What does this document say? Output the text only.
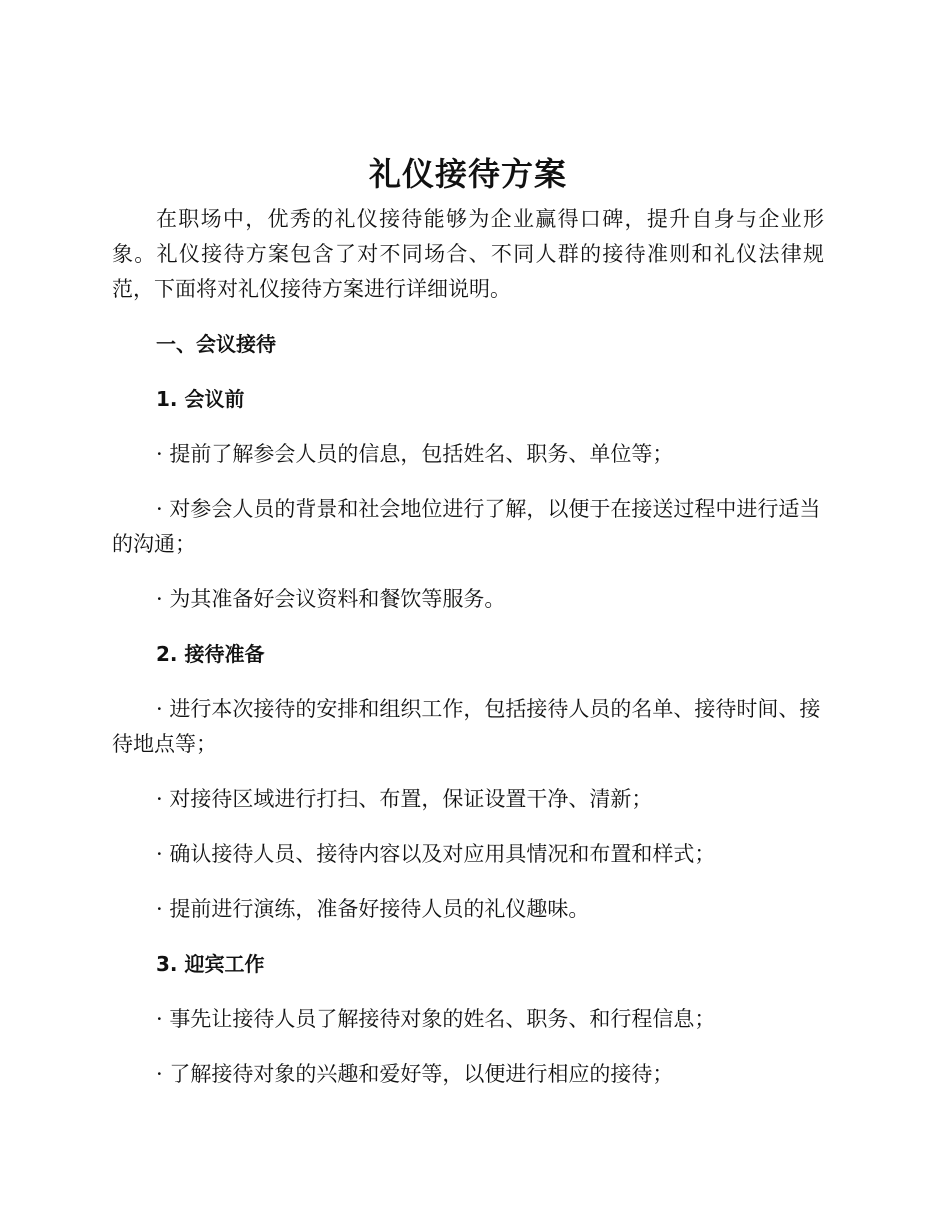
礼仪接待方案

在职场中，优秀的礼仪接待能够为企业赢得口碑，提升自身与企业形象。礼仪接待方案包含了对不同场合、不同人群的接待准则和礼仪法律规范，下面将对礼仪接待方案进行详细说明。

一、会议接待
1. 会议前

· 提前了解参会人员的信息，包括姓名、职务、单位等；

· 对参会人员的背景和社会地位进行了解，以便于在接送过程中进行适当的沟通；

· 为其准备好会议资料和餐饮等服务。

2. 接待准备

· 进行本次接待的安排和组织工作，包括接待人员的名单、接待时间、接待地点等；

· 对接待区域进行打扫、布置，保证设置干净、清新；

· 确认接待人员、接待内容以及对应用具情况和布置和样式；

· 提前进行演练，准备好接待人员的礼仪趣味。

3. 迎宾工作

· 事先让接待人员了解接待对象的姓名、职务、和行程信息；

· 了解接待对象的兴趣和爱好等，以便进行相应的接待；
